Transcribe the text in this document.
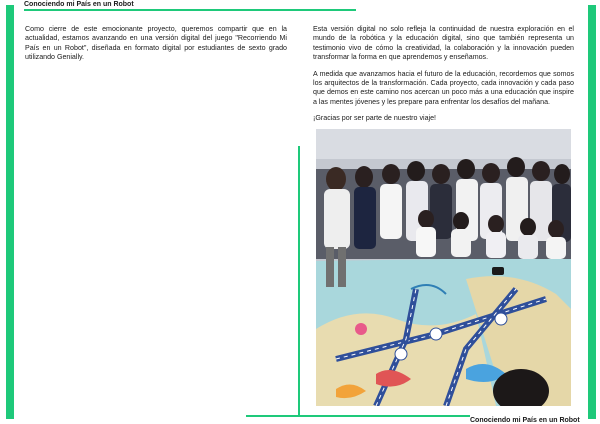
Conociendo mi País en un Robot

Como cierre de este emocionante proyecto, queremos compartir que en la actualidad, estamos avanzando en una versión digital del juego "Recorriendo Mi País en un Robot", diseñada en formato digital por estudiantes de sexto grado utilizando Genially.

Esta versión digital no solo refleja la continuidad de nuestra exploración en el mundo de la robótica y la educación digital, sino que también representa un testimonio vivo de cómo la creatividad, la colaboración y la innovación pueden transformar la forma en que aprendemos y enseñamos.

A medida que avanzamos hacia el futuro de la educación, recordemos que somos los arquitectos de la transformación. Cada proyecto, cada innovación y cada paso que demos en este camino nos acercan un poco más a una educación que inspire a las mentes jóvenes y les prepare para enfrentar los desafíos del mañana.

¡Gracias por ser parte de nuestro viaje!

Conociendo mi País en un Robot
